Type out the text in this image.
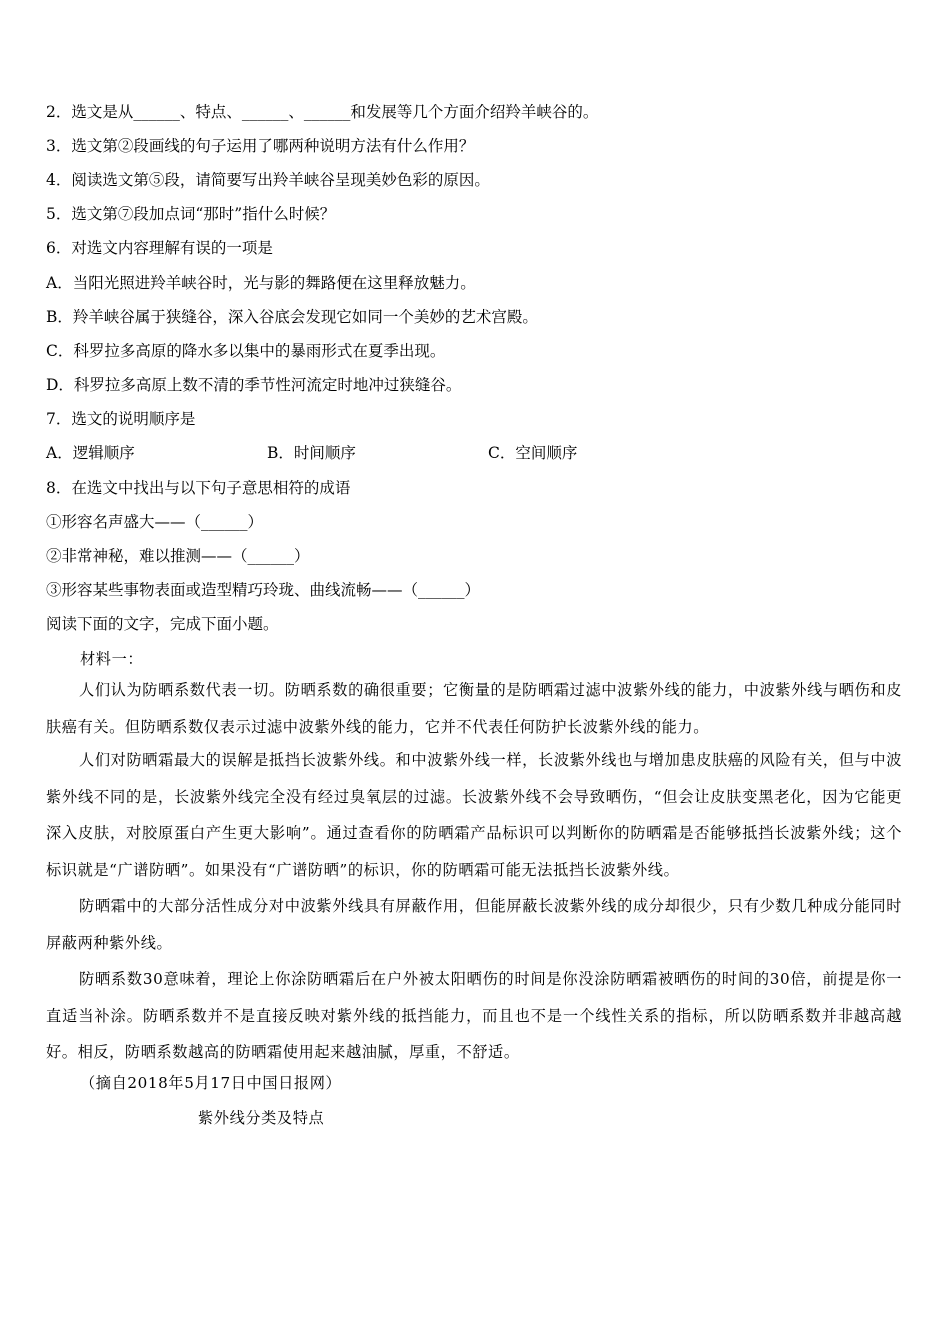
2．选文是从______、特点、______、______和发展等几个方面介绍羚羊峡谷的。
3．选文第②段画线的句子运用了哪两种说明方法有什么作用？
4．阅读选文第⑤段，请简要写出羚羊峡谷呈现美妙色彩的原因。
5．选文第⑦段加点词“那时”指什么时候？
6．对选文内容理解有误的一项是
A．当阳光照进羚羊峡谷时，光与影的舞路便在这里释放魅力。
B．羚羊峡谷属于狭缝谷，深入谷底会发现它如同一个美妙的艺术宫殿。
C．科罗拉多高原的降水多以集中的暴雨形式在夏季出现。
D．科罗拉多高原上数不清的季节性河流定时地冲过狭缝谷。
7．选文的说明顺序是
A．逻辑顺序	B．时间顺序	C．空间顺序
8．在选文中找出与以下句子意思相符的成语
①形容名声盛大——（______）
②非常神秘，难以推测——（______）
③形容某些事物表面或造型精巧玲珑、曲线流畅——（______）
阅读下面的文字，完成下面小题。
材料一：
人们认为防晒系数代表一切。防晒系数的确很重要；它衡量的是防晒霜过滤中波紫外线的能力，中波紫外线与晒伤和皮肤癌有关。但防晒系数仅表示过滤中波紫外线的能力，它并不代表任何防护长波紫外线的能力。
人们对防晒霜最大的误解是抵挡长波紫外线。和中波紫外线一样，长波紫外线也与增加患皮肤癌的风险有关，但与中波紫外线不同的是，长波紫外线完全没有经过臭氧层的过滤。长波紫外线不会导致晒伤，“但会让皮肤变黑老化，因为它能更深入皮肤，对胶原蛋白产生更大影响”。通过查看你的防晒霜产品标识可以判断你的防晒霜是否能够抵挡长波紫外线；这个标识就是“广谱防晒”。如果没有“广谱防晒”的标识，你的防晒霜可能无法抵挡长波紫外线。
防晒霜中的大部分活性成分对中波紫外线具有屏蔽作用，但能屏蔽长波紫外线的成分却很少，只有少数几种成分能同时屏蔽两种紫外线。
防晒系数30意味着，理论上你涂防晒霜后在户外被太阳晒伤的时间是你没涂防晒霜被晒伤的时间的30倍，前提是你一直适当补涂。防晒系数并不是直接反映对紫外线的抵挡能力，而且也不是一个线性关系的指标，所以防晒系数并非越高越好。相反，防晒系数越高的防晒霜使用起来越油腻，厚重，不舒适。
（摘自2018年5月17日中国日报网）
紫外线分类及特点
